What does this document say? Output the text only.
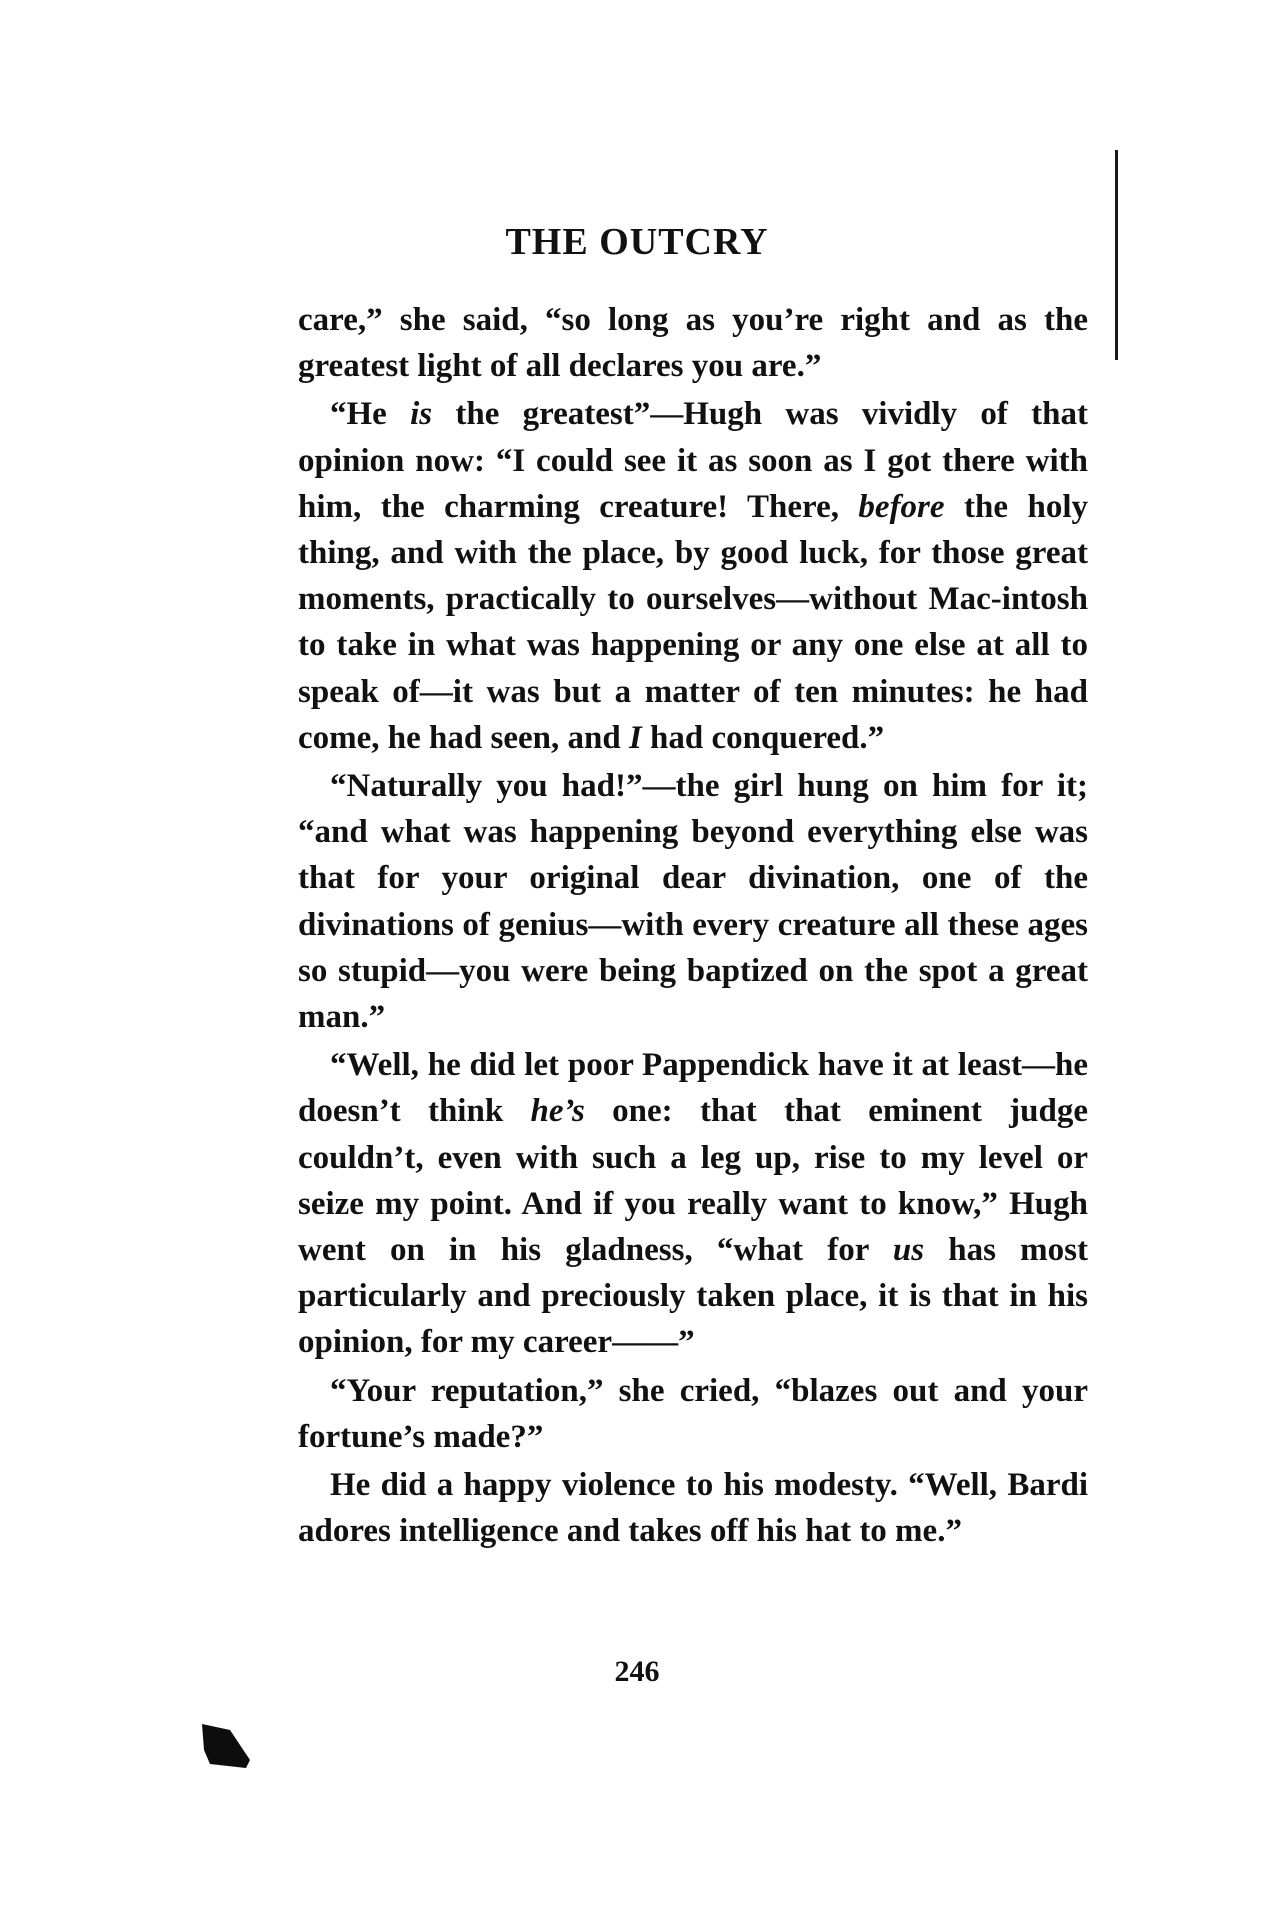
THE OUTCRY

care,” she said, “so long as you’re right and as the greatest light of all declares you are.”

“He is the greatest”—Hugh was vividly of that opinion now: “I could see it as soon as I got there with him, the charming creature! There, before the holy thing, and with the place, by good luck, for those great moments, practically to ourselves—without Mac-intosh to take in what was happening or any one else at all to speak of—it was but a matter of ten minutes: he had come, he had seen, and I had conquered.”

“Naturally you had!”—the girl hung on him for it; “and what was happening beyond everything else was that for your original dear divination, one of the divinations of genius—with every creature all these ages so stupid—you were being baptized on the spot a great man.”

“Well, he did let poor Pappendick have it at least—he doesn’t think he’s one: that that eminent judge couldn’t, even with such a leg up, rise to my level or seize my point. And if you really want to know,” Hugh went on in his gladness, “what for us has most particularly and preciously taken place, it is that in his opinion, for my career——”

“Your reputation,” she cried, “blazes out and your fortune’s made?”

He did a happy violence to his modesty. “Well, Bardi adores intelligence and takes off his hat to me.”

246
